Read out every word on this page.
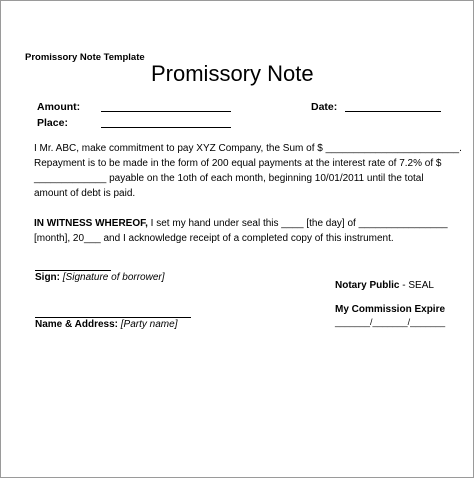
Promissory Note Template
Promissory Note
Amount:	Date:
Place:
I Mr. ABC, make commitment to pay XYZ Company, the Sum of $ ________________________.
Repayment is to be made in the form of 200 equal payments at the interest rate of 7.2% of $
_____________ payable on the 1oth of each month, beginning 10/01/2011 until the total
amount of debt is paid.
IN WITNESS WHEREOF, I set my hand under seal this ____ [the day] of ________________
[month], 20___ and I acknowledge receipt of a completed copy of this instrument.
Sign: [Signature of borrower]
Name & Address: [Party name]
Notary Public - SEAL
My Commission Expire
_______/_______/_______
